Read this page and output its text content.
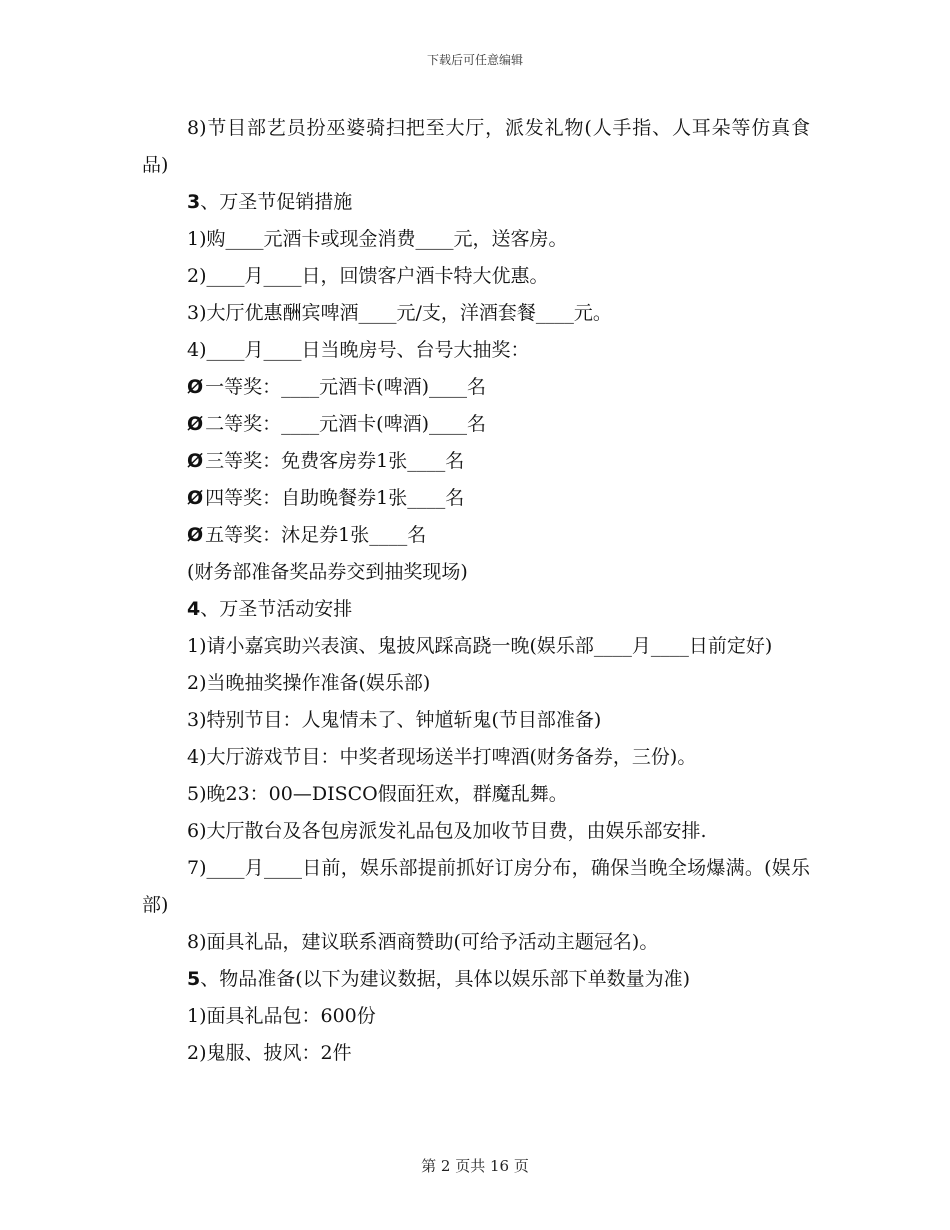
下载后可任意编辑

8)节目部艺员扮巫婆骑扫把至大厅，派发礼物(人手指、人耳朵等仿真食品)

3、万圣节促销措施

1)购____元酒卡或现金消费____元，送客房。

2)____月____日，回馈客户酒卡特大优惠。

3)大厅优惠酬宾啤酒____元/支，洋酒套餐____元。

4)____月____日当晚房号、台号大抽奖：

Ø 一等奖：____元酒卡(啤酒)____名

Ø 二等奖：____元酒卡(啤酒)____名

Ø 三等奖：免费客房券1张____名

Ø 四等奖：自助晚餐券1张____名

Ø 五等奖：沐足券1张____名

(财务部准备奖品券交到抽奖现场)

4、万圣节活动安排

1)请小嘉宾助兴表演、鬼披风踩高跷一晚(娱乐部____月____日前定好)

2)当晚抽奖操作准备(娱乐部)

3)特别节目：人鬼情未了、钟馗斩鬼(节目部准备)

4)大厅游戏节目：中奖者现场送半打啤酒(财务备券，三份)。

5)晚23：00—DISCO假面狂欢，群魔乱舞。

6)大厅散台及各包房派发礼品包及加收节目费，由娱乐部安排.

7)____月____日前，娱乐部提前抓好订房分布，确保当晚全场爆满。(娱乐部)

8)面具礼品，建议联系酒商赞助(可给予活动主题冠名)。

5、物品准备(以下为建议数据，具体以娱乐部下单数量为准)

1)面具礼品包：600份

2)鬼服、披风：2件

第 2 页共 16 页
